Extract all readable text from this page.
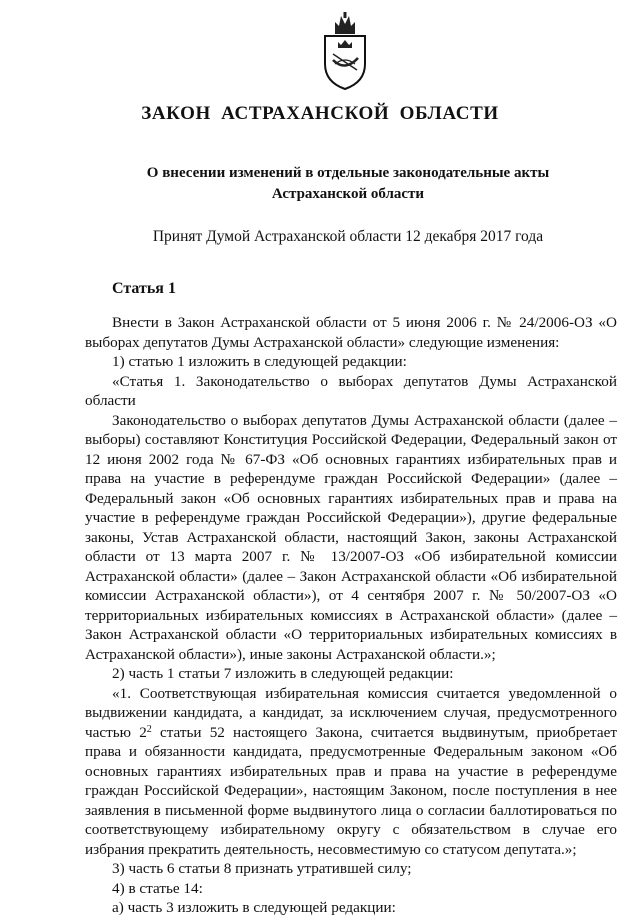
ЗАКОН АСТРАХАНСКОЙ ОБЛАСТИ
О внесении изменений в отдельные законодательные акты
Астраханской области
Принят Думой Астраханской области 12 декабря 2017 года
Статья 1

Внести в Закон Астраханской области от 5 июня 2006 г. № 24/2006-ОЗ «О выборах депутатов Думы Астраханской области» следующие изменения:

1) статью 1 изложить в следующей редакции:

«Статья 1. Законодательство о выборах депутатов Думы Астраханской области

Законодательство о выборах депутатов Думы Астраханской области (далее – выборы) составляют Конституция Российской Федерации, Федеральный закон от 12 июня 2002 года № 67-ФЗ «Об основных гарантиях избирательных прав и права на участие в референдуме граждан Российской Федерации» (далее – Федеральный закон «Об основных гарантиях избирательных прав и права на участие в референдуме граждан Российской Федерации»), другие федеральные законы, Устав Астраханской области, настоящий Закон, законы Астраханской области от 13 марта 2007 г. № 13/2007-ОЗ «Об избирательной комиссии Астраханской области» (далее – Закон Астраханской области «Об избирательной комиссии Астраханской области»), от 4 сентября 2007 г. № 50/2007-ОЗ «О территориальных избирательных комиссиях в Астраханской области» (далее – Закон Астраханской области «О территориальных избирательных комиссиях в Астраханской области»), иные законы Астраханской области.»;

2) часть 1 статьи 7 изложить в следующей редакции:

«1. Соответствующая избирательная комиссия считается уведомленной о выдвижении кандидата, а кандидат, за исключением случая, предусмотренного частью $2^2$ статьи 52 настоящего Закона, считается выдвинутым, приобретает права и обязанности кандидата, предусмотренные Федеральным законом «Об основных гарантиях избирательных прав и права на участие в референдуме граждан Российской Федерации», настоящим Законом, после поступления в нее заявления в письменной форме выдвинутого лица о согласии баллотироваться по соответствующему избирательному округу с обязательством в случае его избрания прекратить деятельность, несовместимую со статусом депутата.»;

3) часть 6 статьи 8 признать утратившей силу;

4) в статье 14:

а) часть 3 изложить в следующей редакции:
